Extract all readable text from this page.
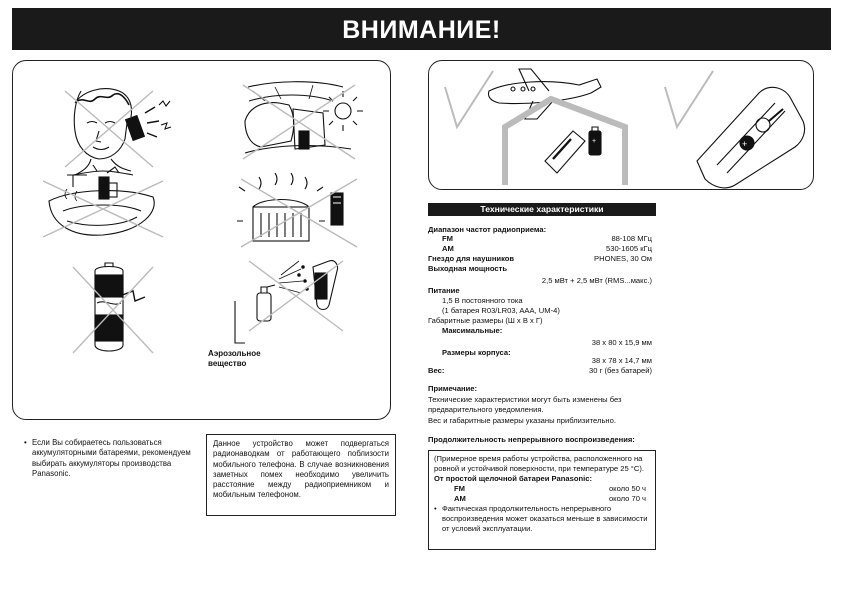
ВНИМАНИЕ!
Аэрозольное
вещество
• Если Вы собираетесь пользоваться аккумуляторными батареями, рекомендуем выбирать аккумуляторы производства Panasonic.
Данное устройство может подвергаться радионаводкам от работающего поблизости мобильного телефона. В случае возникновения заметных помех необходимо увеличить расстояние между радиоприемником и мобильным телефоном.
+	+
Технические характеристики
Диапазон частот радиоприема:
FM	88-108 МГц
AM	530-1605 кГц
Гнездо для наушников	PHONES, 30 Ом
Выходная мощность
2,5 мВт + 2,5 мВт (RMS...макс.)
Питание
1,5 В постоянного тока
(1 батарея R03/LR03, AAA, UM-4)
Габаритные размеры (Ш x В x Г)
Максимальные:
38 x 80 x 15,9 мм
Размеры корпуса:
38 x 78 x 14,7 мм
Вес:	30 г (без батарей)
Примечание:
Технические характеристики могут быть изменены без
предварительного уведомления.
Вес и габаритные размеры указаны приблизительно.
Продолжительность непрерывного воспроизведения:
(Примерное время работы устройства, расположенного на ровной и устойчивой поверхности, при температуре 25 °C).
От простой щелочной батареи Panasonic:
FM	около 50 ч
AM	около 70 ч
• Фактическая продолжительность непрерывного воспроизведения может оказаться меньше в зависимости от условий эксплуатации.
